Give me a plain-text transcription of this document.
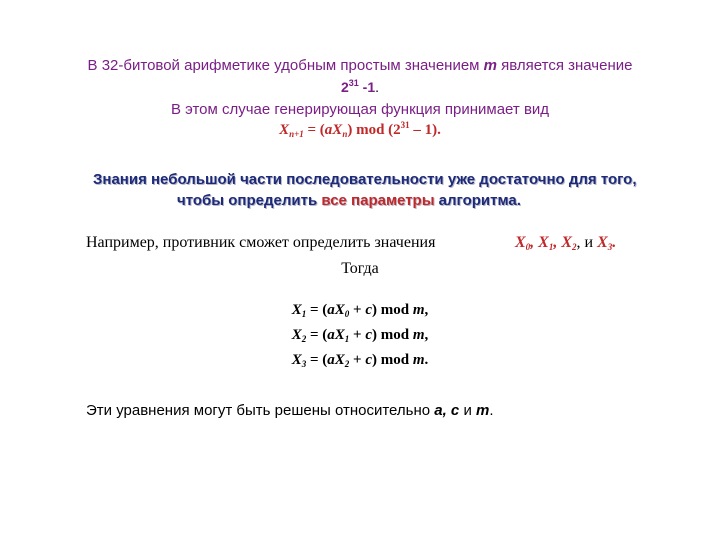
В 32-битовой арифметике удобным простым значением m является значение
$2^{31}$ -1.
В этом случае генерирующая функция принимает вид
$X_{n+1} = (aX_n)$ mod $(2^{31} - 1)$.
Знания небольшой части последовательности уже достаточно для того,
чтобы определить все параметры алгоритма.
Например, противник сможет определить значения	$X_0$, $X_1$, $X_2$, и $X_3$.
Тогда
$X_1 = (aX_0 + c)$ mod m,
$X_2 = (aX_1 + c)$ mod m,
$X_3 = (aX_2 + c)$ mod m.
Эти уравнения могут быть решены относительно a, c и m.
